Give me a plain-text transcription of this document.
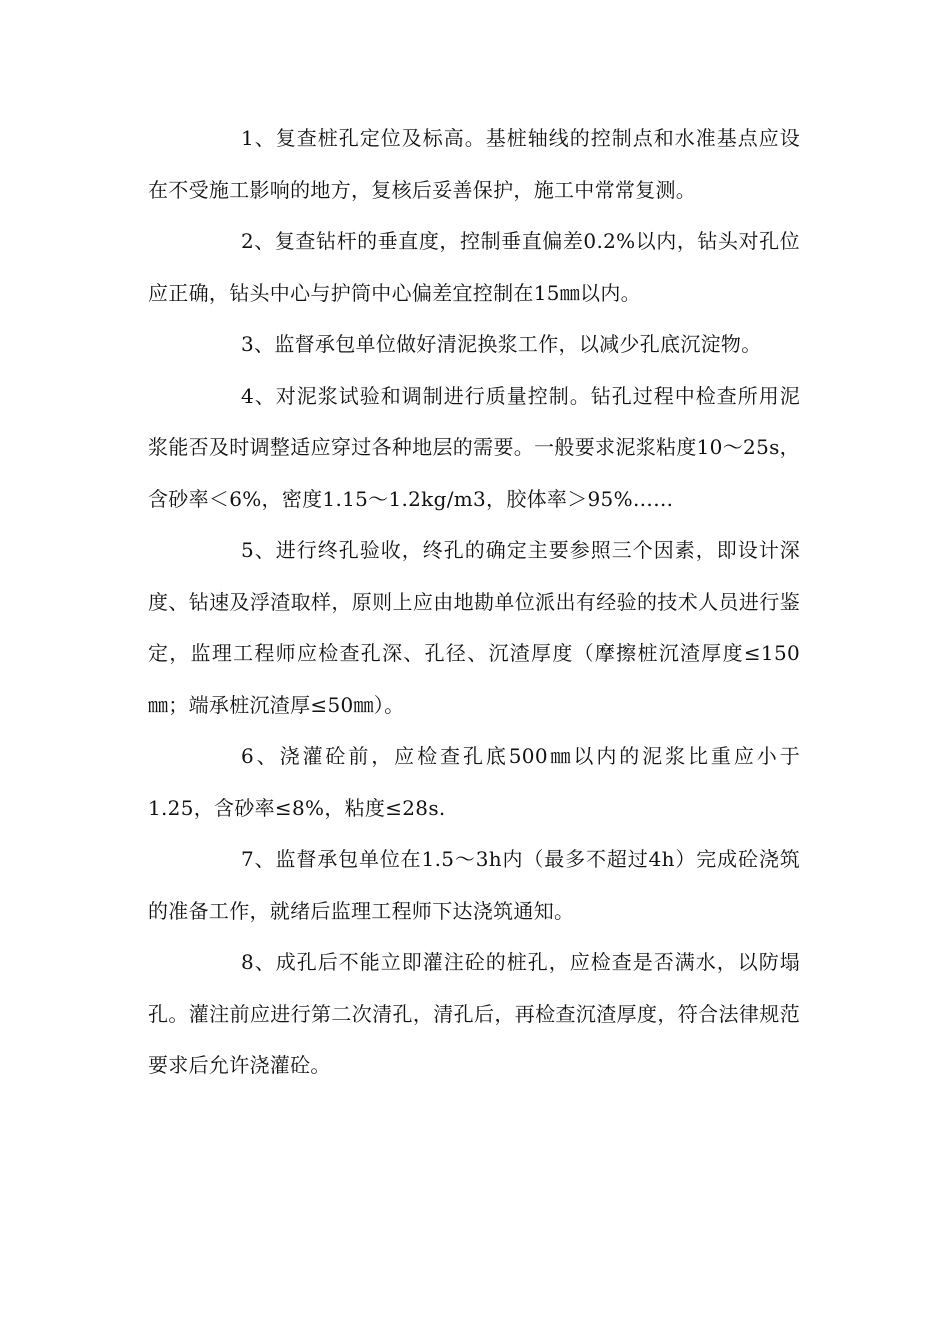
1、复查桩孔定位及标高。基桩轴线的控制点和水准基点应设在不受施工影响的地方，复核后妥善保护，施工中常常复测。

2、复查钻杆的垂直度，控制垂直偏差0.2%以内，钻头对孔位应正确，钻头中心与护筒中心偏差宜控制在15㎜以内。

3、监督承包单位做好清泥换浆工作，以减少孔底沉淀物。

4、对泥浆试验和调制进行质量控制。钻孔过程中检查所用泥浆能否及时调整适应穿过各种地层的需要。一般要求泥浆粘度10～25s，含砂率＜6%，密度1.15～1.2kg/m3，胶体率＞95%……

5、进行终孔验收，终孔的确定主要参照三个因素，即设计深度、钻速及浮渣取样，原则上应由地勘单位派出有经验的技术人员进行鉴定，监理工程师应检查孔深、孔径、沉渣厚度（摩擦桩沉渣厚度≤150㎜；端承桩沉渣厚≤50㎜）。

6、浇灌砼前，应检查孔底500㎜以内的泥浆比重应小于1.25，含砂率≤8%，粘度≤28s.

7、监督承包单位在1.5～3h内（最多不超过4h）完成砼浇筑的准备工作，就绪后监理工程师下达浇筑通知。

8、成孔后不能立即灌注砼的桩孔，应检查是否满水，以防塌孔。灌注前应进行第二次清孔，清孔后，再检查沉渣厚度，符合法律规范要求后允许浇灌砼。
